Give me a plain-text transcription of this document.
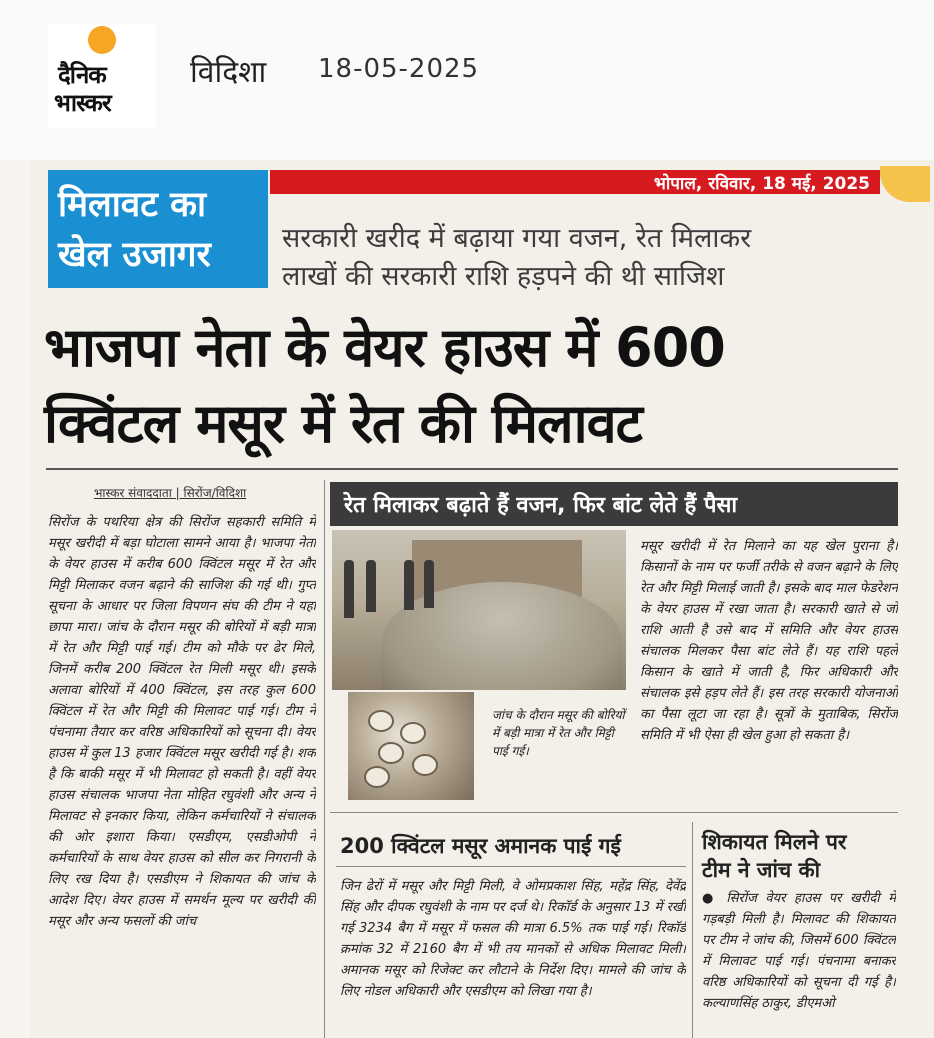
दैनिक
भास्कर
विदिशा 18-05-2025
भोपाल, रविवार, 18 मई, 2025
मिलावट का
खेल उजागर	सरकारी खरीद में बढ़ाया गया वजन, रेत मिलाकर
लाखों की सरकारी राशि हड़पने की थी साजिश
भाजपा नेता के वेयर हाउस में 600
क्विंटल मसूर में रेत की मिलावट
भास्कर संवाददाता | सिरोंज/विदिशा
सिरोंज के पथरिया क्षेत्र की सिरोंज सहकारी समिति में मसूर खरीदी में बड़ा घोटाला सामने आया है। भाजपा नेता के वेयर हाउस में करीब 600 क्विंटल मसूर में रेत और मिट्टी मिलाकर वजन बढ़ाने की साजिश की गई थी। गुप्त सूचना के आधार पर जिला विपणन संघ की टीम ने यहां छापा मारा। जांच के दौरान मसूर की बोरियों में बड़ी मात्रा में रेत और मिट्टी पाई गई। टीम को मौके पर ढेर मिले, जिनमें करीब 200 क्विंटल रेत मिली मसूर थी। इसके अलावा बोरियों में 400 क्विंटल, इस तरह कुल 600 क्विंटल में रेत और मिट्टी की मिलावट पाई गई। टीम ने पंचनामा तैयार कर वरिष्ठ अधिकारियों को सूचना दी। वेयर हाउस में कुल 13 हजार क्विंटल मसूर खरीदी गई है। शक है कि बाकी मसूर में भी मिलावट हो सकती है। वहीं वेयर हाउस संचालक भाजपा नेता मोहित रघुवंशी और अन्य ने मिलावट से इनकार किया, लेकिन कर्मचारियों ने संचालक की ओर इशारा किया। एसडीएम, एसडीओपी ने कर्मचारियों के साथ वेयर हाउस को सील कर निगरानी के लिए रख दिया है। एसडीएम ने शिकायत की जांच के आदेश दिए। वेयर हाउस में समर्थन मूल्य पर खरीदी की मसूर और अन्य फसलों की जांच
रेत मिलाकर बढ़ाते हैं वजन, फिर बांट लेते हैं पैसा
जांच के दौरान मसूर की बोरियों में बड़ी मात्रा में रेत और मिट्टी पाई गई।
मसूर खरीदी में रेत मिलाने का यह खेल पुराना है। किसानों के नाम पर फर्जी तरीके से वजन बढ़ाने के लिए रेत और मिट्टी मिलाई जाती है। इसके बाद माल फेडरेशन के वेयर हाउस में रखा जाता है। सरकारी खाते से जो राशि आती है उसे बाद में समिति और वेयर हाउस संचालक मिलकर पैसा बांट लेते हैं। यह राशि पहले किसान के खाते में जाती है, फिर अधिकारी और संचालक इसे हड़प लेते हैं। इस तरह सरकारी योजनाओं का पैसा लूटा जा रहा है। सूत्रों के मुताबिक, सिरोंज समिति में भी ऐसा ही खेल हुआ हो सकता है।
200 क्विंटल मसूर अमानक पाई गई
जिन ढेरों में मसूर और मिट्टी मिली, वे ओमप्रकाश सिंह, महेंद्र सिंह, देवेंद्र सिंह और दीपक रघुवंशी के नाम पर दर्ज थे। रिकॉर्ड के अनुसार 13 में रखी गई 3234 बैग में मसूर में फसल की मात्रा 6.5% तक पाई गई। रिकॉर्ड क्रमांक 32 में 2160 बैग में भी तय मानकों से अधिक मिलावट मिली। अमानक मसूर को रिजेक्ट कर लौटाने के निर्देश दिए। मामले की जांच के लिए नोडल अधिकारी और एसडीएम को लिखा गया है।
शिकायत मिलने पर
टीम ने जांच की
● सिरोंज वेयर हाउस पर खरीदी में गड़बड़ी मिली है। मिलावट की शिकायत पर टीम ने जांच की, जिसमें 600 क्विंटल में मिलावट पाई गई। पंचनामा बनाकर वरिष्ठ अधिकारियों को सूचना दी गई है। कल्याणसिंह ठाकुर, डीएमओ
